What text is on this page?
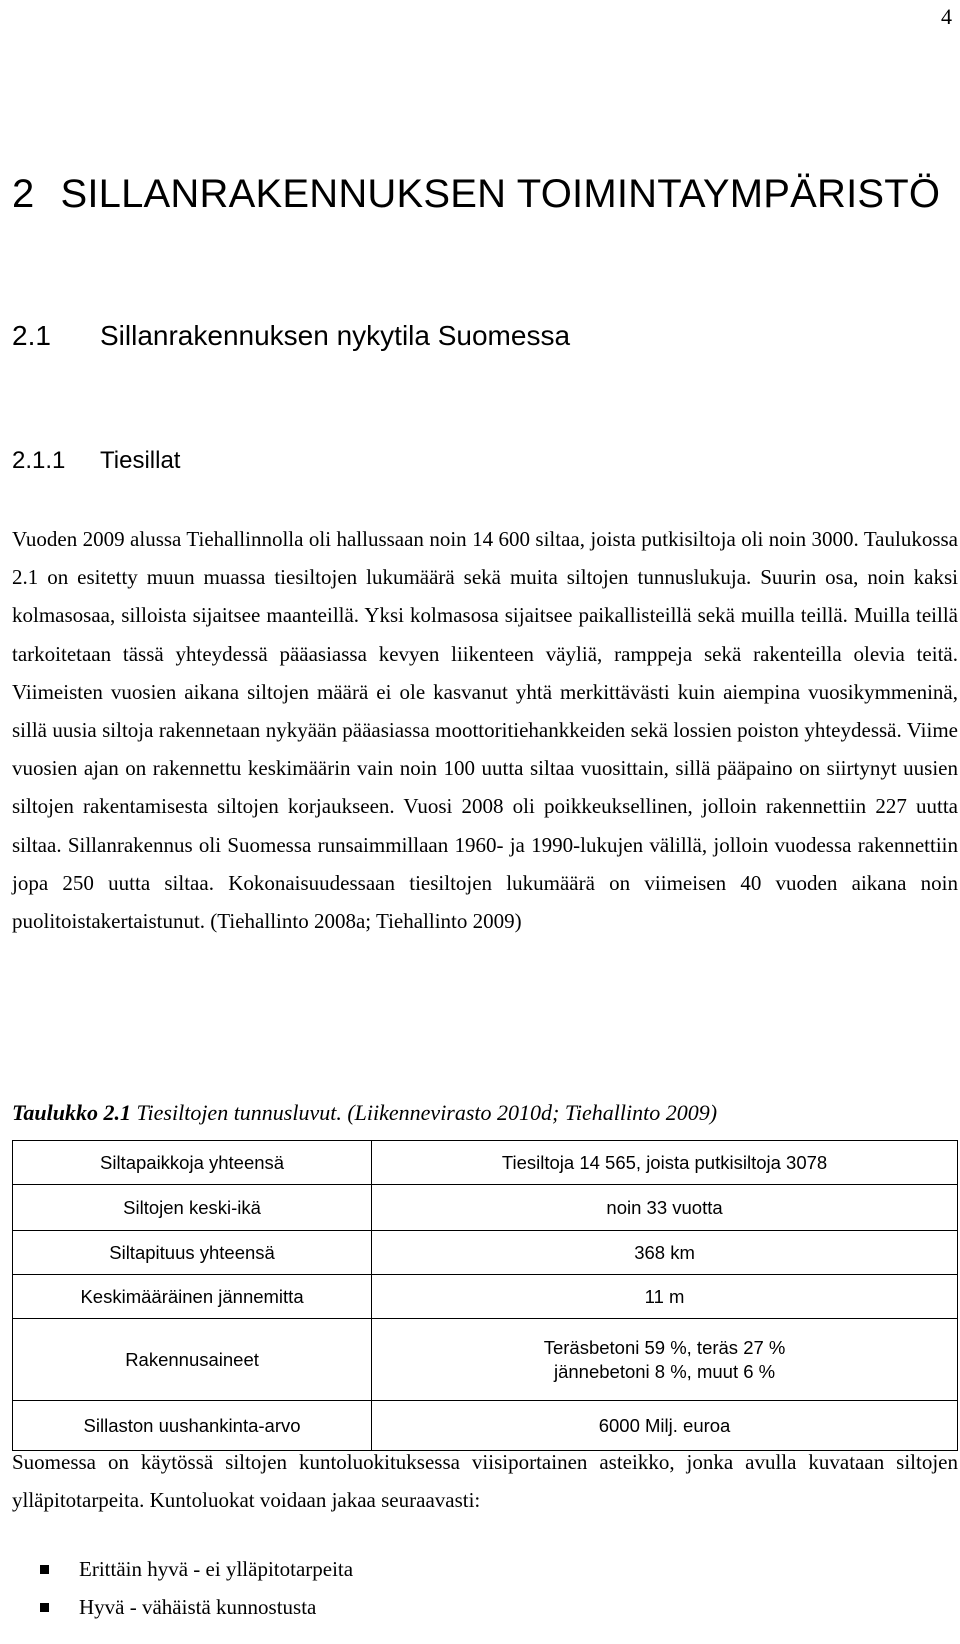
4
2 SILLANRAKENNUKSEN TOIMINTAYMPÄRISTÖ
2.1 Sillanrakennuksen nykytila Suomessa
2.1.1 Tiesillat

Vuoden 2009 alussa Tiehallinnolla oli hallussaan noin 14 600 siltaa, joista putkisiltoja oli noin 3000. Taulukossa 2.1 on esitetty muun muassa tiesiltojen lukumäärä sekä muita siltojen tunnuslukuja. Suurin osa, noin kaksi kolmasosaa, silloista sijaitsee maanteillä. Yksi kolmasosa sijaitsee paikallisteillä sekä muilla teillä. Muilla teillä tarkoitetaan tässä yhteydessä pääasiassa kevyen liikenteen väyliä, ramppeja sekä rakenteilla olevia teitä. Viimeisten vuosien aikana siltojen määrä ei ole kasvanut yhtä merkittävästi kuin aiempina vuosikymmeninä, sillä uusia siltoja rakennetaan nykyään pääasiassa moottoritiehankkeiden sekä lossien poiston yhteydessä. Viime vuosien ajan on rakennettu keskimäärin vain noin 100 uutta siltaa vuosittain, sillä pääpaino on siirtynyt uusien siltojen rakentamisesta siltojen korjaukseen. Vuosi 2008 oli poikkeuksellinen, jolloin rakennettiin 227 uutta siltaa. Sillanrakennus oli Suomessa runsaimmillaan 1960- ja 1990-lukujen välillä, jolloin vuodessa rakennettiin jopa 250 uutta siltaa. Kokonaisuudessaan tiesiltojen lukumäärä on viimeisen 40 vuoden aikana noin puolitoistakertaistunut. (Tiehallinto 2008a; Tiehallinto 2009)

Taulukko 2.1 Tiesiltojen tunnusluvut. (Liikennevirasto 2010d; Tiehallinto 2009)
Siltapaikkoja yhteensä	Tiesiltoja 14 565, joista putkisiltoja 3078
Siltojen keski-ikä	noin 33 vuotta
Siltapituus yhteensä	368 km
Keskimääräinen jännemitta	11 m
Rakennusaineet	Teräsbetoni 59 %, teräs 27 %
jännebetoni 8 %, muut 6 %

Sillaston uushankinta-arvo	6000 Milj. euroa

Suomessa on käytössä siltojen kuntoluokituksessa viisiportainen asteikko, jonka avulla kuvataan siltojen ylläpitotarpeita. Kuntoluokat voidaan jakaa seuraavasti:

Erittäin hyvä - ei ylläpitotarpeita
Hyvä - vähäistä kunnostusta
